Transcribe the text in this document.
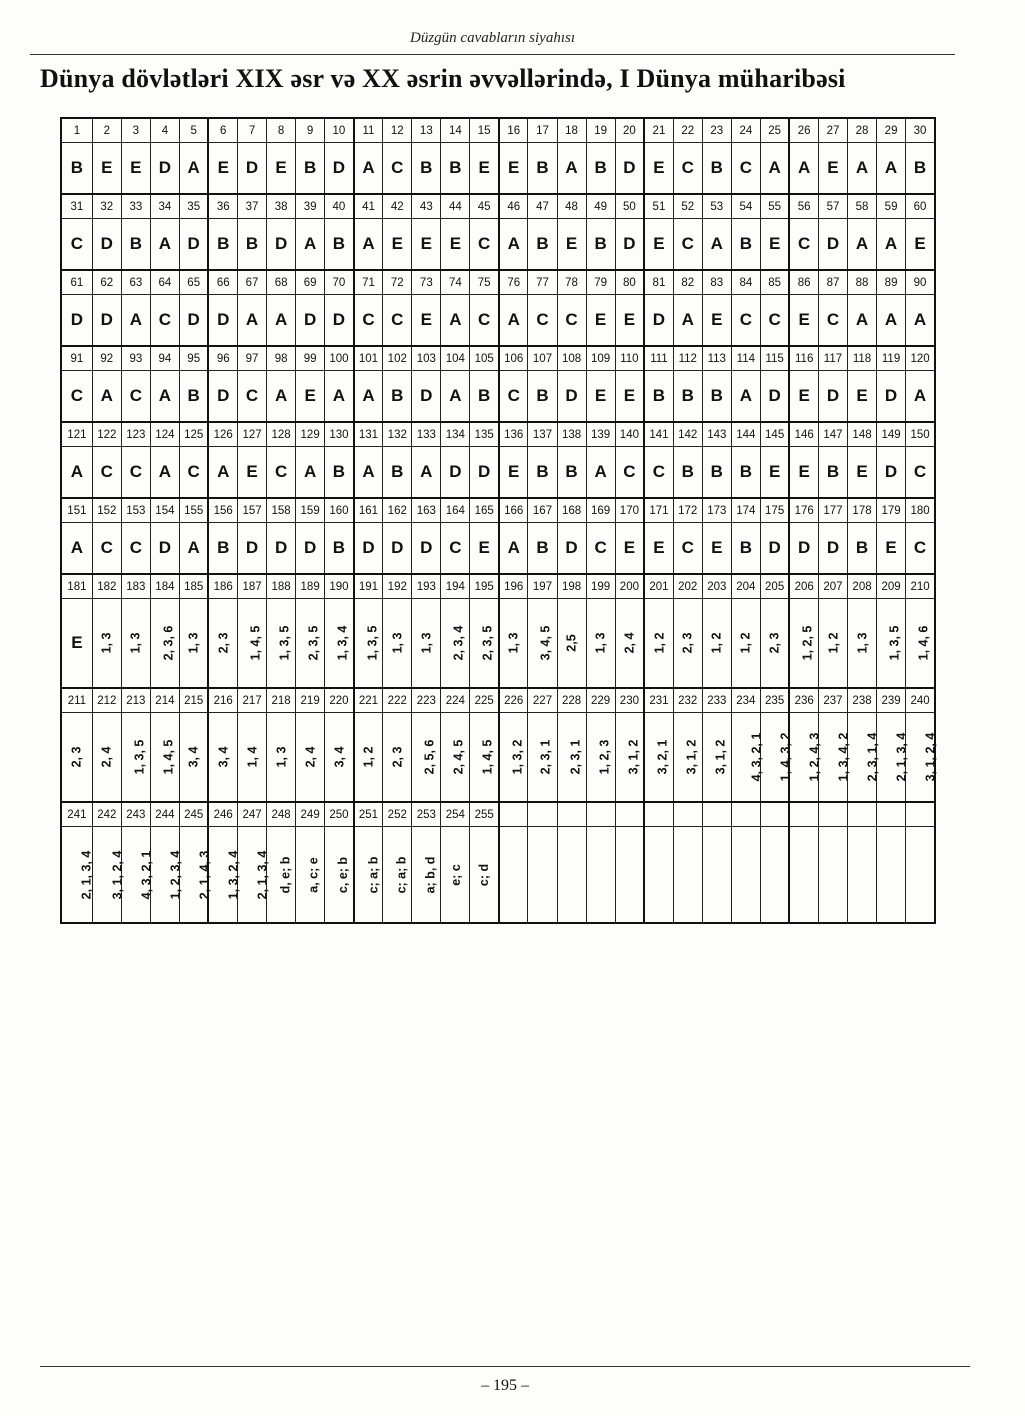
Düzgün cavabların siyahısı
Dünya dövlətləri XIX əsr və XX əsrin əvvəllərində, I Dünya müharibəsi
1	2	3	4	5	6	7	8	9	10	11	12	13	14	15	16	17	18	19	20	21	22	23	24	25	26	27	28	29	30
B	E	E	D	A	E	D	E	B	D	A	C	B	B	E	E	B	A	B	D	E	C	B	C	A	A	E	A	A	B
31	32	33	34	35	36	37	38	39	40	41	42	43	44	45	46	47	48	49	50	51	52	53	54	55	56	57	58	59	60
C	D	B	A	D	B	B	D	A	B	A	E	E	E	C	A	B	E	B	D	E	C	A	B	E	C	D	A	A	E
61	62	63	64	65	66	67	68	69	70	71	72	73	74	75	76	77	78	79	80	81	82	83	84	85	86	87	88	89	90
D	D	A	C	D	D	A	A	D	D	C	C	E	A	C	A	C	C	E	E	D	A	E	C	C	E	C	A	A	A
91	92	93	94	95	96	97	98	99	100	101	102	103	104	105	106	107	108	109	110	111	112	113	114	115	116	117	118	119	120
C	A	C	A	B	D	C	A	E	A	A	B	D	A	B	C	B	D	E	E	B	B	B	A	D	E	D	E	D	A
121	122	123	124	125	126	127	128	129	130	131	132	133	134	135	136	137	138	139	140	141	142	143	144	145	146	147	148	149	150
A	C	C	A	C	A	E	C	A	B	A	B	A	D	D	E	B	B	A	C	C	B	B	B	E	E	B	E	D	C
151	152	153	154	155	156	157	158	159	160	161	162	163	164	165	166	167	168	169	170	171	172	173	174	175	176	177	178	179	180
A	C	C	D	A	B	D	D	D	B	D	D	D	C	E	A	B	D	C	E	E	C	E	B	D	D	D	B	E	C
181	182	183	184	185	186	187	188	189	190	191	192	193	194	195	196	197	198	199	200	201	202	203	204	205	206	207	208	209	210
E	1, 3	1, 3	2, 3, 6	1, 3	2, 3	1, 4, 5	1, 3, 5	2, 3, 5	1, 3, 4	1, 3, 5	1, 3	1, 3	2, 3, 4	2, 3, 5	1, 3	3, 4, 5	2,5	1, 3	2, 4	1, 2	2, 3	1, 2	1, 2	2, 3	1, 2, 5	1, 2	1, 3	1, 3, 5	1, 4, 6
211	212	213	214	215	216	217	218	219	220	221	222	223	224	225	226	227	228	229	230	231	232	233	234	235	236	237	238	239	240
2, 3	2, 4	1, 3, 5	1, 4, 5	3, 4	3, 4	1, 4	1, 3	2, 4	3, 4	1, 2	2, 3	2, 5, 6	2, 4, 5	1, 4, 5	1, 3, 2	2, 3, 1	2, 3, 1	1, 2, 3	3, 1, 2	3, 2, 1	3, 1, 2	3, 1, 2	4, 3, 2, 1	1, 4, 3, 2	1, 2, 4, 3	1, 3, 4, 2	2, 3, 1, 4	2, 1, 3, 4	3, 1, 2, 4
241	242	243	244	245	246	247	248	249	250	251	252	253	254	255															
2, 1, 3, 4	3, 1, 2, 4	4, 3, 2, 1	1, 2, 3, 4	2, 1, 4, 3	1, 3, 2, 4	2, 1, 3, 4	d, e; b	a, c; e	c, e; b	c; a; b	c; a; b	a; b, d	e; c	c; d															
– 195 –
